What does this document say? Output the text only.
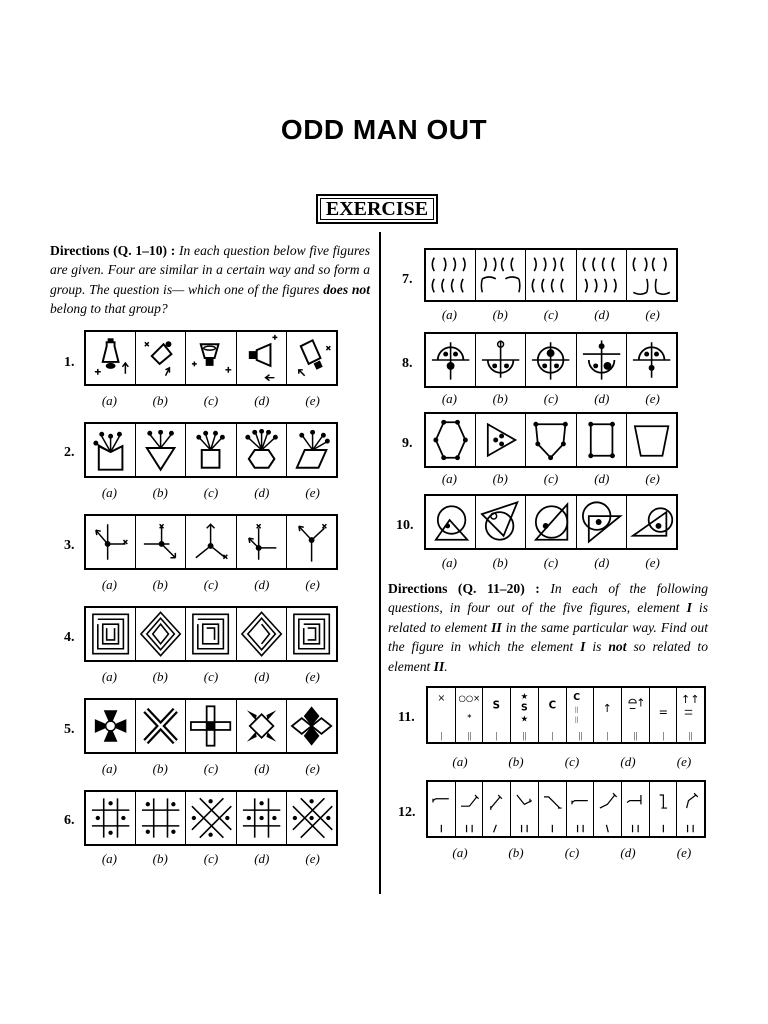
ODD MAN OUT
EXERCISE
Directions (Q. 1–10) : In each question below five figures are given. Four are similar in a certain way and so form a group. The question is— which one of the figures does not belong to that group?
Directions (Q. 11–20) : In each of the following questions, in four out of the five figures, element I is related to element II in the same particular way. Find out the figure in which the element I is not so related to element II.
1.
(a)	(b)	(c)	(d)	(e)
2.
(a)	(b)	(c)	(d)	(e)
3.
(a)	(b)	(c)	(d)	(e)
4.
(a)	(b)	(c)	(d)	(e)
5.
(a)	(b)	(c)	(d)	(e)
6.
(a)	(b)	(c)	(d)	(e)
7.
(a)	(b)	(c)	(d)	(e)
8.
(a)	(b)	(c)	(d)	(e)
9.
(a)	(b)	(c)	(d)	(e)
10.
(a)	(b)	(c)	(d)	(e)
11.
×
|
○○×
∗
||
S
|
★
S
★
||
C
|
C
||
||
||
↑
|
↑
||
=
|
↑↑
||
(a)	(b)	(c)	(d)	(e)
12.
(a)	(b)	(c)	(d)	(e)
